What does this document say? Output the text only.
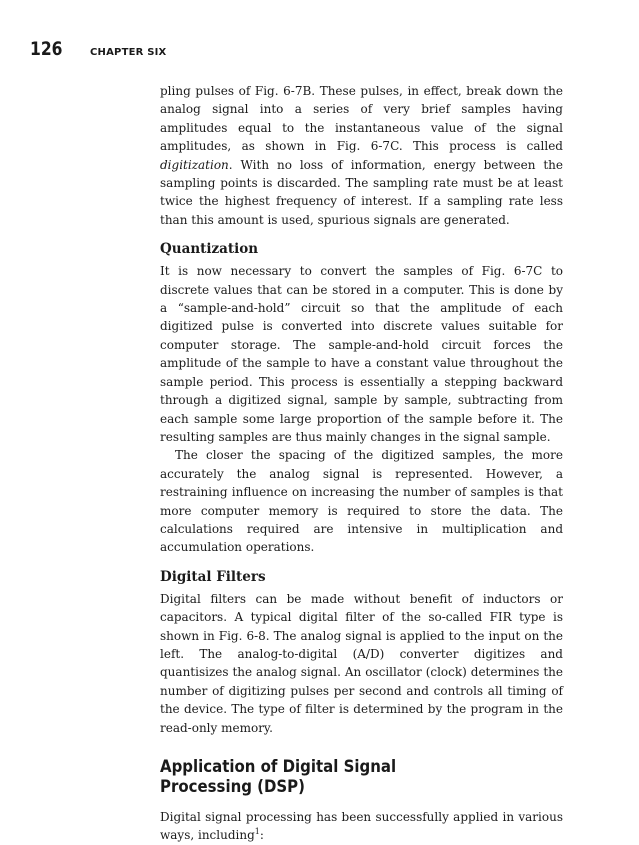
126	CHAPTER SIX

pling pulses of Fig. 6-7B. These pulses, in effect, break down the analog signal into a series of very brief samples having amplitudes equal to the instantaneous value of the signal amplitudes, as shown in Fig. 6-7C. This process is called digitization. With no loss of information, energy between the sampling points is discarded. The sampling rate must be at least twice the highest frequency of interest. If a sampling rate less than this amount is used, spurious signals are generated.

Quantization

It is now necessary to convert the samples of Fig. 6-7C to discrete values that can be stored in a computer. This is done by a “sample-and-hold” circuit so that the amplitude of each digitized pulse is converted into discrete values suitable for computer storage. The sample-and-hold circuit forces the amplitude of the sample to have a constant value throughout the sample period. This process is essentially a stepping backward through a digitized signal, sample by sample, subtracting from each sample some large proportion of the sample before it. The resulting samples are thus mainly changes in the signal sample.

The closer the spacing of the digitized samples, the more accurately the analog signal is represented. However, a restraining influence on increasing the number of samples is that more computer memory is required to store the data. The calculations required are intensive in multiplication and accumulation operations.

Digital Filters

Digital filters can be made without benefit of inductors or capacitors. A typical digital filter of the so-called FIR type is shown in Fig. 6-8. The analog signal is applied to the input on the left. The analog-to-digital (A/D) converter digitizes and quantisizes the analog signal. An oscillator (clock) determines the number of digitizing pulses per second and controls all timing of the device. The type of filter is determined by the program in the read-only memory.

Application of Digital Signal
Processing (DSP)

Digital signal processing has been successfully applied in various ways, including$^1$:
